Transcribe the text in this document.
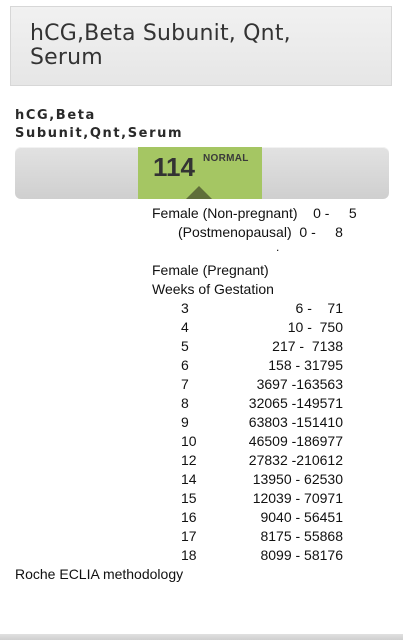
hCG,Beta Subunit, Qnt,
Serum
hCG,Beta
Subunit,Qnt,Serum
114 NORMAL
Female (Non-pregnant)    0 -     5
(Postmenopausal)  0 -     8
.
Female (Pregnant)
Weeks of Gestation
3	6 -    71
4	10 -  750
5	217 -  7138
6	158 - 31795
7	3697 -163563
8	32065 -149571
9	63803 -151410
10	46509 -186977
12	27832 -210612
14	13950 - 62530
15	12039 - 70971
16	9040 - 56451
17	8175 - 55868
18	8099 - 58176
Roche ECLIA methodology
